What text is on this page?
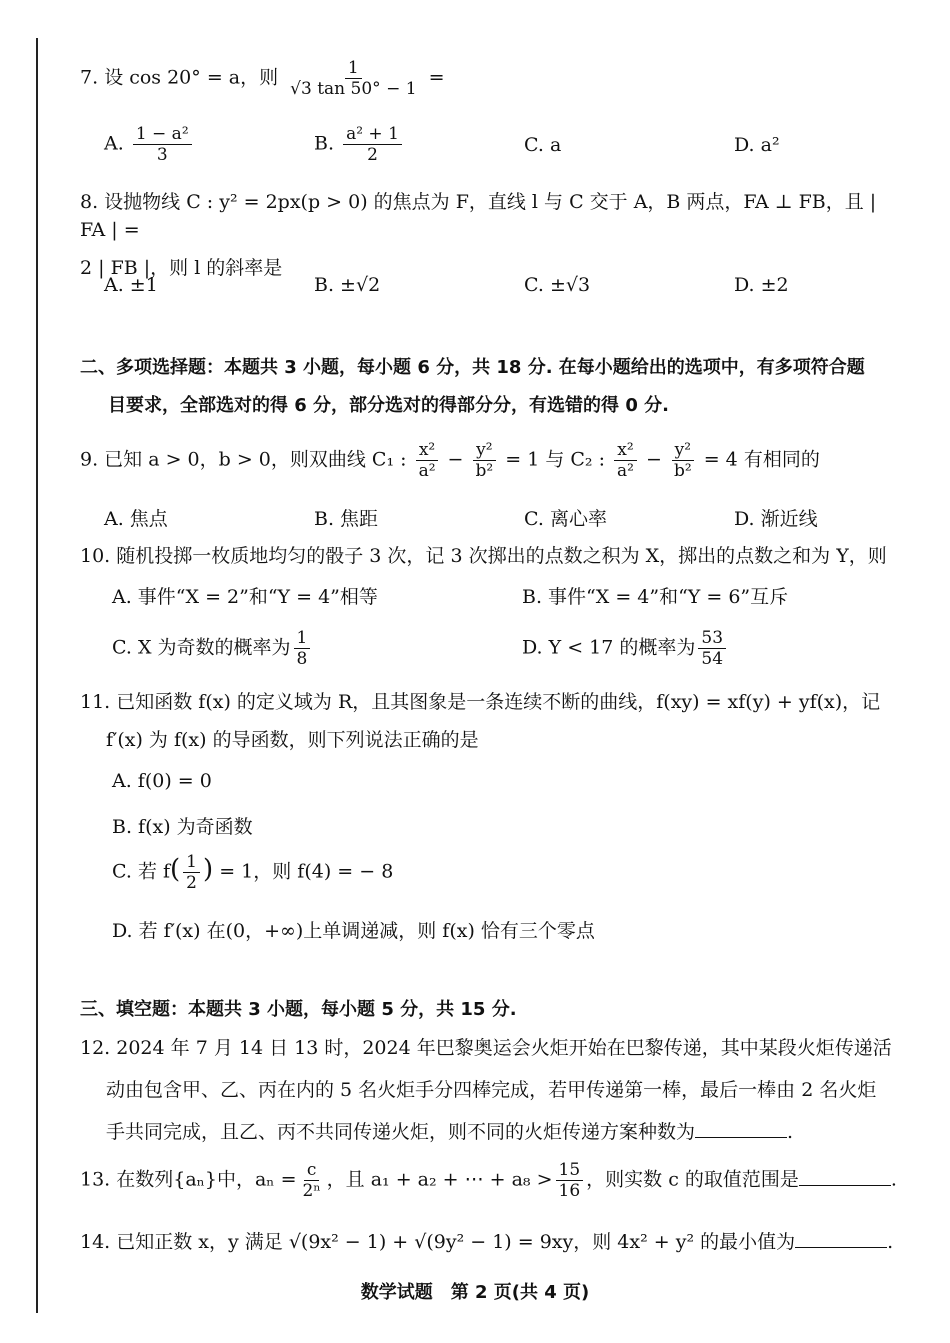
7. 设 cos 20° = a，则 $\frac{1}{√3 \tan 50^\circ - 1}$ =
A. $\frac{\text{1 − a²}}{3}$	B. $\frac{\text{a² + 1}}{2}$	C. a	D. a²
8. 设抛物线 C : y² = 2px(p > 0) 的焦点为 F，直线 l 与 C 交于 A，B 两点，FA ⊥ FB，且 | FA | =
2 | FB |，则 l 的斜率是
A. ±1	B. ±√2	C. ±√3	D. ±2
二、多项选择题：本题共 3 小题，每小题 6 分，共 18 分. 在每小题给出的选项中，有多项符合题
目要求，全部选对的得 6 分，部分选对的得部分分，有选错的得 0 分.
9. 已知 a > 0，b > 0，则双曲线 C₁ : $\frac{\text{x²}}{\text{a²}} - \frac{\text{y²}}{\text{b²}} = 1$ 与 C₂ : $\frac{\text{x²}}{\text{a²}} - \frac{\text{y²}}{\text{b²}} = 4$ 有相同的
A. 焦点	B. 焦距	C. 离心率	D. 渐近线
10. 随机投掷一枚质地均匀的骰子 3 次，记 3 次掷出的点数之积为 X，掷出的点数之和为 Y，则
A. 事件“X = 2”和“Y = 4”相等	B. 事件“X = 4”和“Y = 6”互斥
C. X 为奇数的概率为 $\frac{1}{8}$	D. Y < 17 的概率为 $\frac{53}{54}$
11. 已知函数 f(x) 的定义域为 R，且其图象是一条连续不断的曲线，f(xy) = xf(y) + yf(x)，记
f′(x) 为 f(x) 的导函数，则下列说法正确的是
A. f(0) = 0
B. f(x) 为奇函数
C. 若 $f( \frac{1}{2}$ ) = 1，则 f(4) = − 8
D. 若 f′(x) 在(0，+∞)上单调递减，则 f(x) 恰有三个零点
三、填空题：本题共 3 小题，每小题 5 分，共 15 分.
12. 2024 年 7 月 14 日 13 时，2024 年巴黎奥运会火炬开始在巴黎传递，其中某段火炬传递活
动由包含甲、乙、丙在内的 5 名火炬手分四棒完成，若甲传递第一棒，最后一棒由 2 名火炬
手共同完成，且乙、丙不共同传递火炬，则不同的火炬传递方案种数为	.
13. 在数列{aₙ}中，$a_n = \frac{c}{\text{2ⁿ}}$ ，且 a₁ + a₂ + ⋯ + $a_8 > \frac{15}{16}$ ，则实数 c 的取值范围是	.
14. 已知正数 x，y 满足 √(9x² − 1) + √(9y² − 1) = 9xy，则 4x² + y² 的最小值为	.
数学试题　第 2 页(共 4 页)
